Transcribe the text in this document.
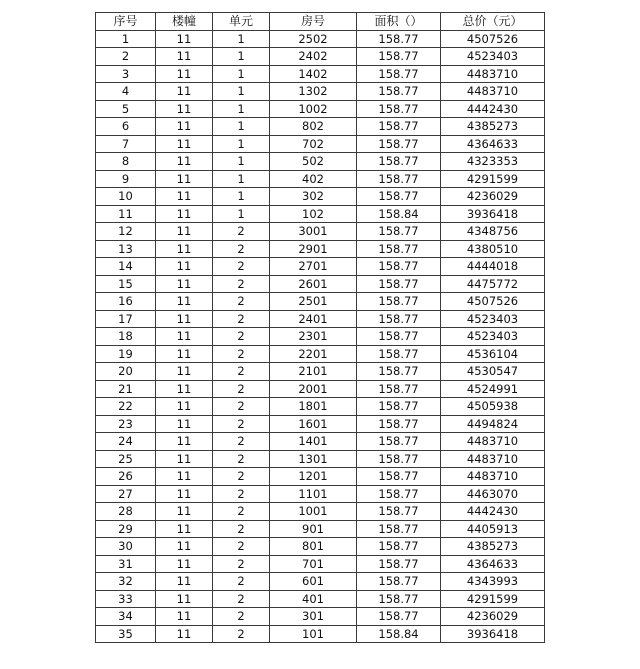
序号	楼幢	单元	房号	面积（）	总价（元）
1	11	1	2502	158.77	4507526
2	11	1	2402	158.77	4523403
3	11	1	1402	158.77	4483710
4	11	1	1302	158.77	4483710
5	11	1	1002	158.77	4442430
6	11	1	802	158.77	4385273
7	11	1	702	158.77	4364633
8	11	1	502	158.77	4323353
9	11	1	402	158.77	4291599
10	11	1	302	158.77	4236029
11	11	1	102	158.84	3936418
12	11	2	3001	158.77	4348756
13	11	2	2901	158.77	4380510
14	11	2	2701	158.77	4444018
15	11	2	2601	158.77	4475772
16	11	2	2501	158.77	4507526
17	11	2	2401	158.77	4523403
18	11	2	2301	158.77	4523403
19	11	2	2201	158.77	4536104
20	11	2	2101	158.77	4530547
21	11	2	2001	158.77	4524991
22	11	2	1801	158.77	4505938
23	11	2	1601	158.77	4494824
24	11	2	1401	158.77	4483710
25	11	2	1301	158.77	4483710
26	11	2	1201	158.77	4483710
27	11	2	1101	158.77	4463070
28	11	2	1001	158.77	4442430
29	11	2	901	158.77	4405913
30	11	2	801	158.77	4385273
31	11	2	701	158.77	4364633
32	11	2	601	158.77	4343993
33	11	2	401	158.77	4291599
34	11	2	301	158.77	4236029
35	11	2	101	158.84	3936418
